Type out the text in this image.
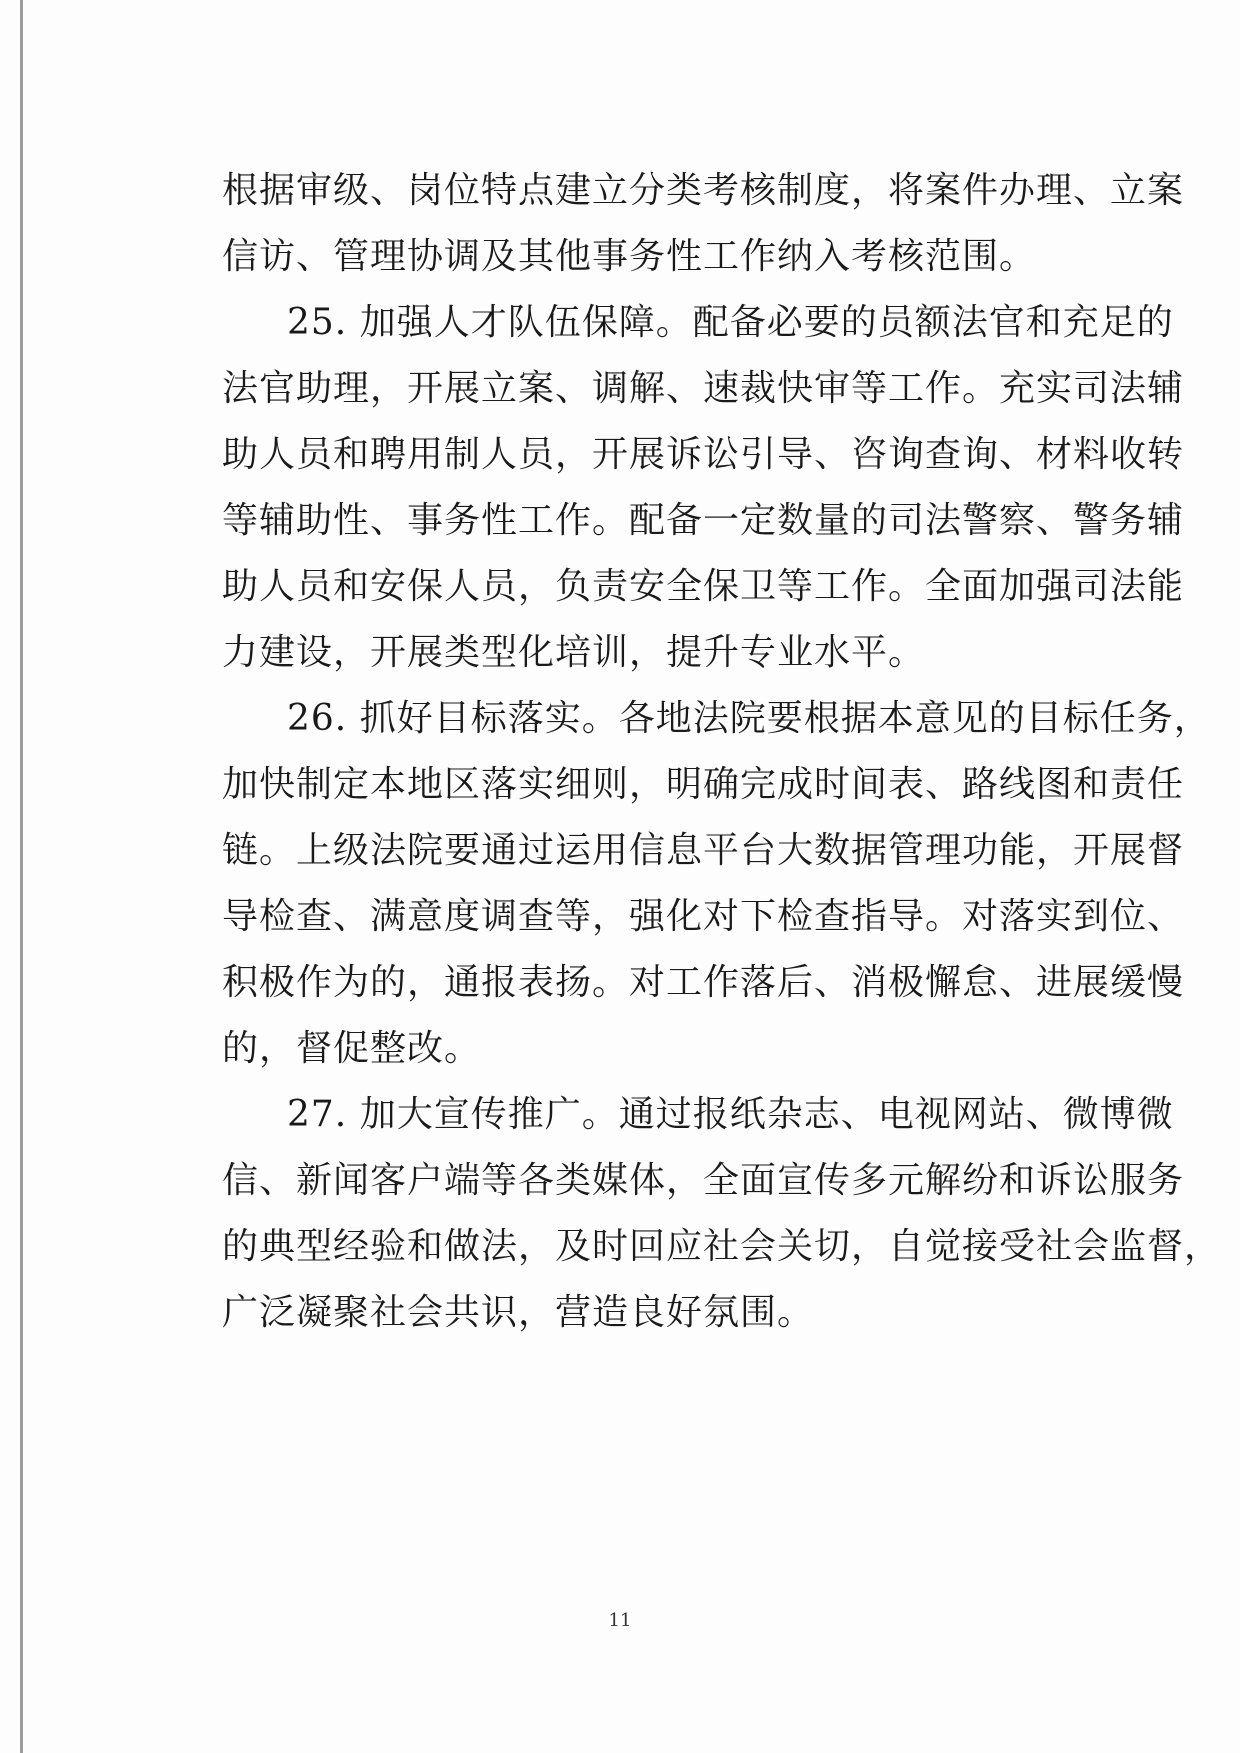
根据审级、岗位特点建立分类考核制度，将案件办理、立案
信访、管理协调及其他事务性工作纳入考核范围。
25. 加强人才队伍保障。配备必要的员额法官和充足的
法官助理，开展立案、调解、速裁快审等工作。充实司法辅
助人员和聘用制人员，开展诉讼引导、咨询查询、材料收转
等辅助性、事务性工作。配备一定数量的司法警察、警务辅
助人员和安保人员，负责安全保卫等工作。全面加强司法能
力建设，开展类型化培训，提升专业水平。
26. 抓好目标落实。各地法院要根据本意见的目标任务，
加快制定本地区落实细则，明确完成时间表、路线图和责任
链。上级法院要通过运用信息平台大数据管理功能，开展督
导检查、满意度调查等，强化对下检查指导。对落实到位、
积极作为的，通报表扬。对工作落后、消极懈怠、进展缓慢
的，督促整改。
27. 加大宣传推广。通过报纸杂志、电视网站、微博微
信、新闻客户端等各类媒体，全面宣传多元解纷和诉讼服务
的典型经验和做法，及时回应社会关切，自觉接受社会监督，
广泛凝聚社会共识，营造良好氛围。
11
